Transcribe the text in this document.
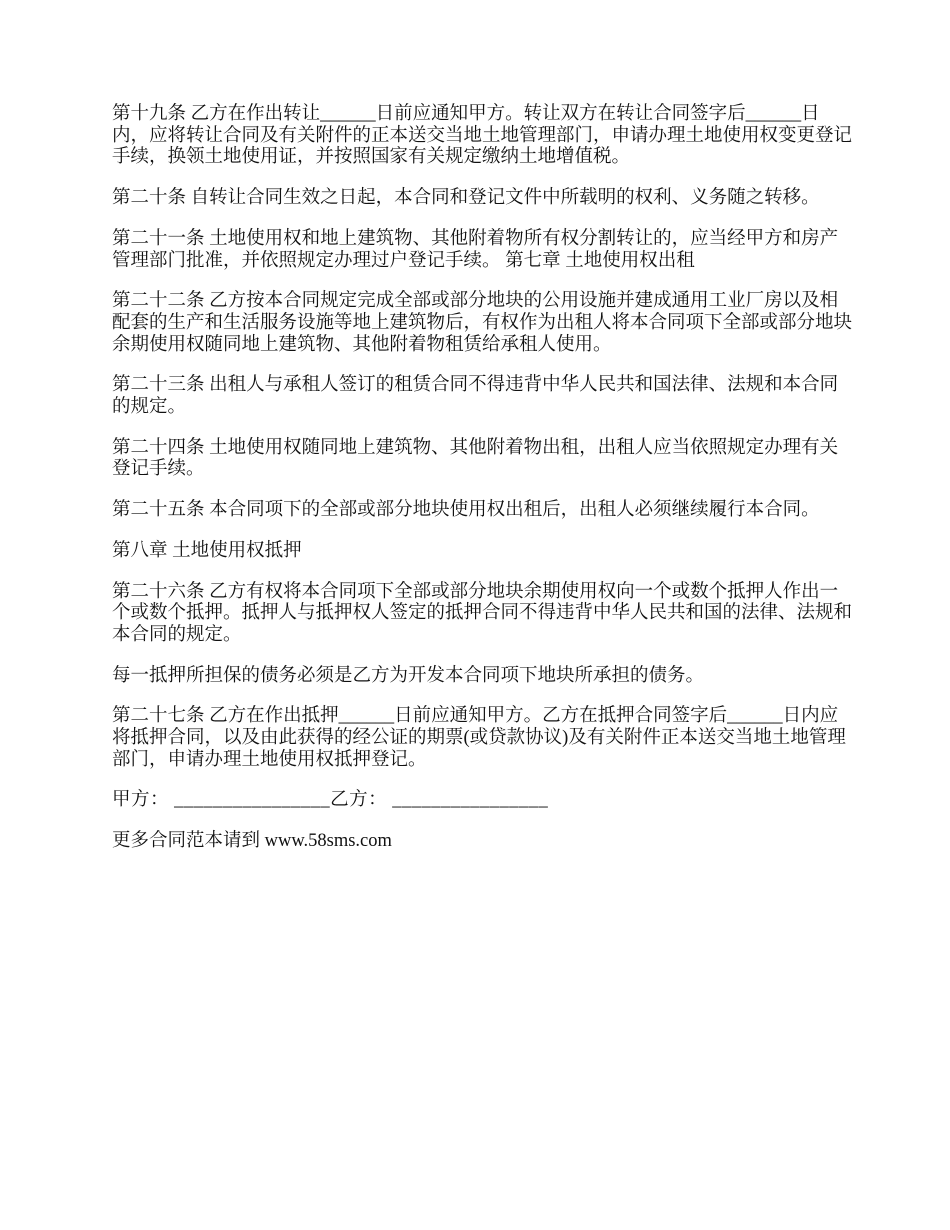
第十九条 乙方在作出转让______日前应通知甲方。转让双方在转让合同签字后______日内，应将转让合同及有关附件的正本送交当地土地管理部门，申请办理土地使用权变更登记手续，换领土地使用证，并按照国家有关规定缴纳土地增值税。

第二十条 自转让合同生效之日起，本合同和登记文件中所载明的权利、义务随之转移。

第二十一条 土地使用权和地上建筑物、其他附着物所有权分割转让的，应当经甲方和房产管理部门批准，并依照规定办理过户登记手续。 第七章 土地使用权出租

第二十二条 乙方按本合同规定完成全部或部分地块的公用设施并建成通用工业厂房以及相配套的生产和生活服务设施等地上建筑物后，有权作为出租人将本合同项下全部或部分地块余期使用权随同地上建筑物、其他附着物租赁给承租人使用。

第二十三条 出租人与承租人签订的租赁合同不得违背中华人民共和国法律、法规和本合同的规定。

第二十四条 土地使用权随同地上建筑物、其他附着物出租，出租人应当依照规定办理有关登记手续。

第二十五条 本合同项下的全部或部分地块使用权出租后，出租人必须继续履行本合同。

第八章 土地使用权抵押

第二十六条 乙方有权将本合同项下全部或部分地块余期使用权向一个或数个抵押人作出一个或数个抵押。抵押人与抵押权人签定的抵押合同不得违背中华人民共和国的法律、法规和本合同的规定。

每一抵押所担保的债务必须是乙方为开发本合同项下地块所承担的债务。

第二十七条 乙方在作出抵押______日前应通知甲方。乙方在抵押合同签字后______日内应将抵押合同，以及由此获得的经公证的期票(或贷款协议)及有关附件正本送交当地土地管理部门，申请办理土地使用权抵押登记。

甲方： ________________乙方： ________________

更多合同范本请到 www.58sms.com
